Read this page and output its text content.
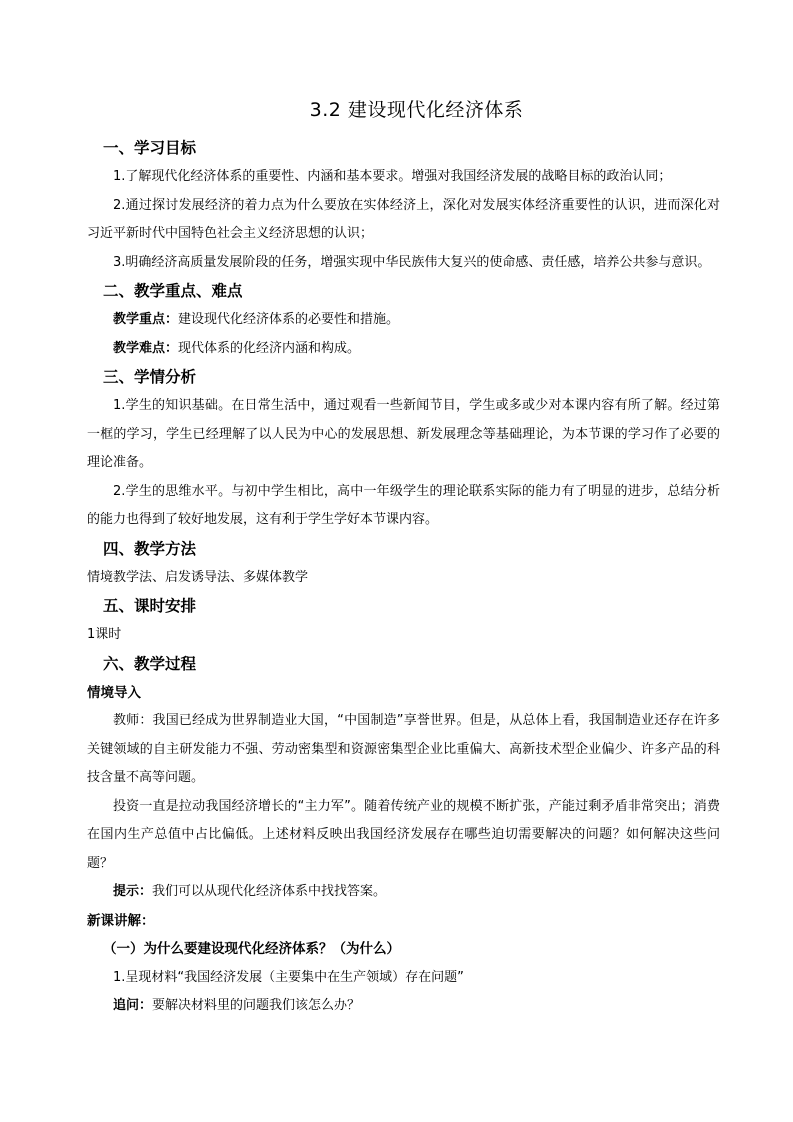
3.2 建设现代化经济体系
一、学习目标
1.了解现代化经济体系的重要性、内涵和基本要求。增强对我国经济发展的战略目标的政治认同；
2.通过探讨发展经济的着力点为什么要放在实体经济上，深化对发展实体经济重要性的认识，进而深化对习近平新时代中国特色社会主义经济思想的认识；
3.明确经济高质量发展阶段的任务，增强实现中华民族伟大复兴的使命感、责任感，培养公共参与意识。
二、教学重点、难点
教学重点：建设现代化经济体系的必要性和措施。
教学难点：现代体系的化经济内涵和构成。
三、学情分析
1.学生的知识基础。在日常生活中，通过观看一些新闻节目，学生或多或少对本课内容有所了解。经过第一框的学习，学生已经理解了以人民为中心的发展思想、新发展理念等基础理论，为本节课的学习作了必要的理论准备。
2.学生的思维水平。与初中学生相比，高中一年级学生的理论联系实际的能力有了明显的进步，总结分析的能力也得到了较好地发展，这有利于学生学好本节课内容。
四、教学方法
情境教学法、启发诱导法、多媒体教学
五、课时安排
1课时
六、教学过程
情境导入
教师：我国已经成为世界制造业大国，“中国制造”享誉世界。但是，从总体上看，我国制造业还存在许多关键领域的自主研发能力不强、劳动密集型和资源密集型企业比重偏大、高新技术型企业偏少、许多产品的科技含量不高等问题。
投资一直是拉动我国经济增长的“主力军”。随着传统产业的规模不断扩张，产能过剩矛盾非常突出；消费在国内生产总值中占比偏低。上述材料反映出我国经济发展存在哪些迫切需要解决的问题？如何解决这些问题？
提示：我们可以从现代化经济体系中找找答案。
新课讲解：
（一）为什么要建设现代化经济体系？（为什么）
1.呈现材料“我国经济发展（主要集中在生产领域）存在问题”
追问：要解决材料里的问题我们该怎么办？
